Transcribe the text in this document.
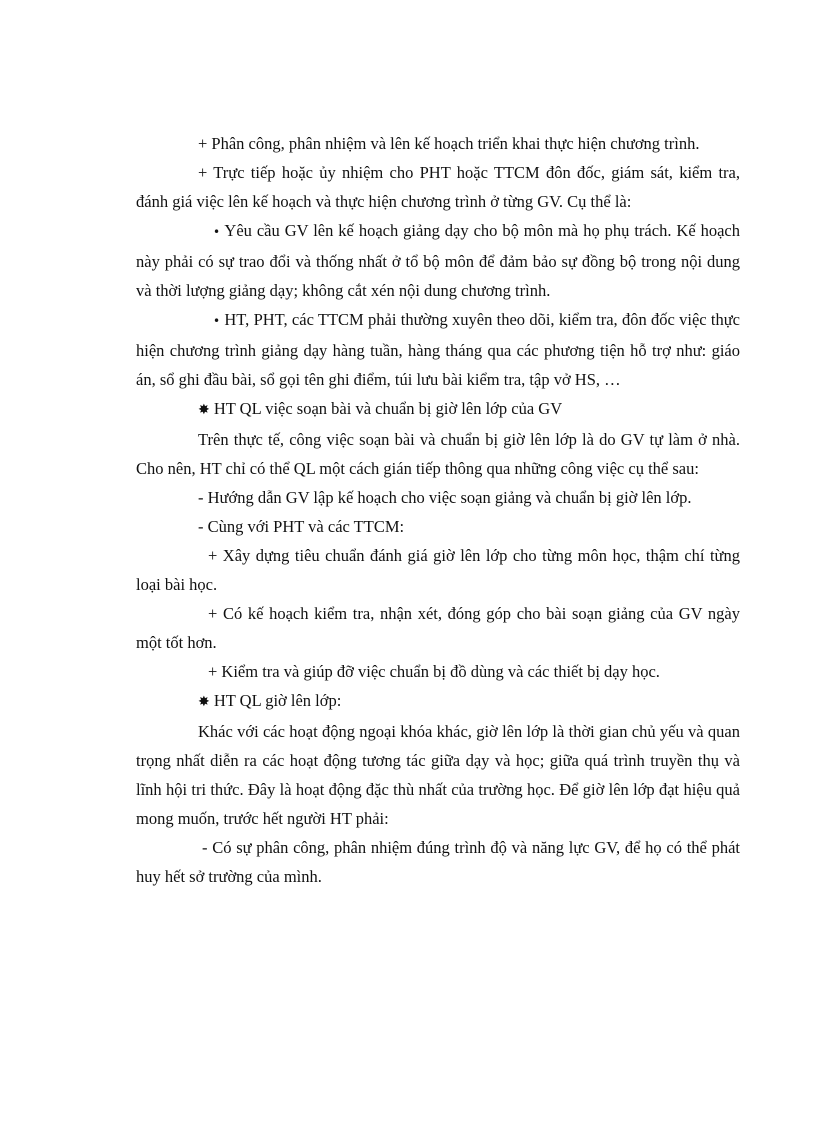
+ Phân công, phân nhiệm và lên kế hoạch triển khai thực hiện chương trình.

+ Trực tiếp hoặc ủy nhiệm cho PHT hoặc TTCM đôn đốc, giám sát, kiểm tra, đánh giá việc lên kế hoạch và thực hiện chương trình ở từng GV. Cụ thể là:

• Yêu cầu GV lên kế hoạch giảng dạy cho bộ môn mà họ phụ trách. Kế hoạch này phải có sự trao đổi và thống nhất ở tổ bộ môn để đảm bảo sự đồng bộ trong nội dung và thời lượng giảng dạy; không cắt xén nội dung chương trình.

• HT, PHT, các TTCM phải thường xuyên theo dõi, kiểm tra, đôn đốc việc thực hiện chương trình giảng dạy hàng tuần, hàng tháng qua các phương tiện hỗ trợ như: giáo án, sổ ghi đầu bài, sổ gọi tên ghi điểm, túi lưu bài kiểm tra, tập vở HS, …

✸ HT QL việc soạn bài và chuẩn bị giờ lên lớp của GV

Trên thực tế, công việc soạn bài và chuẩn bị giờ lên lớp là do GV tự làm ở nhà. Cho nên, HT chỉ có thể QL một cách gián tiếp thông qua những công việc cụ thể sau:

- Hướng dẫn GV lập kế hoạch cho việc soạn giảng và chuẩn bị giờ lên lớp.

- Cùng với PHT và các TTCM:

+ Xây dựng tiêu chuẩn đánh giá giờ lên lớp cho từng môn học, thậm chí từng loại bài học.

+ Có kế hoạch kiểm tra, nhận xét, đóng góp cho bài soạn giảng của GV ngày một tốt hơn.

+ Kiểm tra và giúp đỡ việc chuẩn bị đồ dùng và các thiết bị dạy học.

✸ HT QL giờ lên lớp:

Khác với các hoạt động ngoại khóa khác, giờ lên lớp là thời gian chủ yếu và quan trọng nhất diễn ra các hoạt động tương tác giữa dạy và học; giữa quá trình truyền thụ và lĩnh hội tri thức. Đây là hoạt động đặc thù nhất của trường học. Để giờ lên lớp đạt hiệu quả mong muốn, trước hết người HT phải:

- Có sự phân công, phân nhiệm đúng trình độ và năng lực GV, để họ có thể phát huy hết sở trường của mình.
